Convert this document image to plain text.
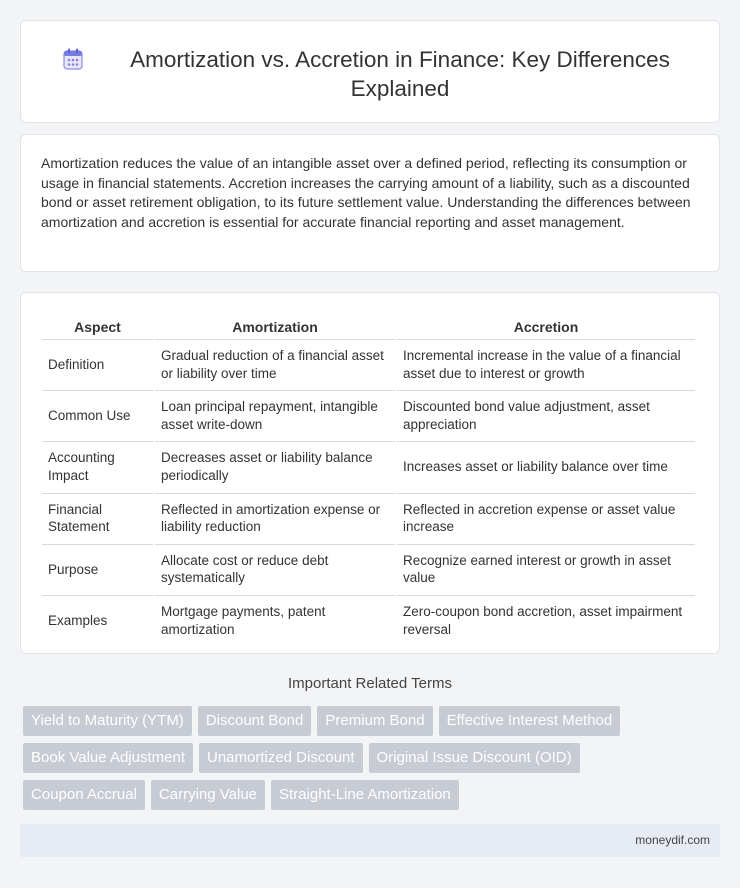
Amortization vs. Accretion in Finance: Key Differences Explained

Amortization reduces the value of an intangible asset over a defined period, reflecting its consumption or usage in financial statements. Accretion increases the carrying amount of a liability, such as a discounted bond or asset retirement obligation, to its future settlement value. Understanding the differences between amortization and accretion is essential for accurate financial reporting and asset management.

Aspect	Amortization	Accretion
Definition	Gradual reduction of a financial asset or liability over time	Incremental increase in the value of a financial asset due to interest or growth
Common Use	Loan principal repayment, intangible asset write-down	Discounted bond value adjustment, asset appreciation
Accounting Impact	Decreases asset or liability balance periodically	Increases asset or liability balance over time
Financial Statement	Reflected in amortization expense or liability reduction	Reflected in accretion expense or asset value increase
Purpose	Allocate cost or reduce debt systematically	Recognize earned interest or growth in asset value
Examples	Mortgage payments, patent amortization	Zero-coupon bond accretion, asset impairment reversal
Important Related Terms
Yield to Maturity (YTM)	Discount Bond	Premium Bond	Effective Interest Method
Book Value Adjustment	Unamortized Discount	Original Issue Discount (OID)
Coupon Accrual	Carrying Value	Straight-Line Amortization
moneydif.com
